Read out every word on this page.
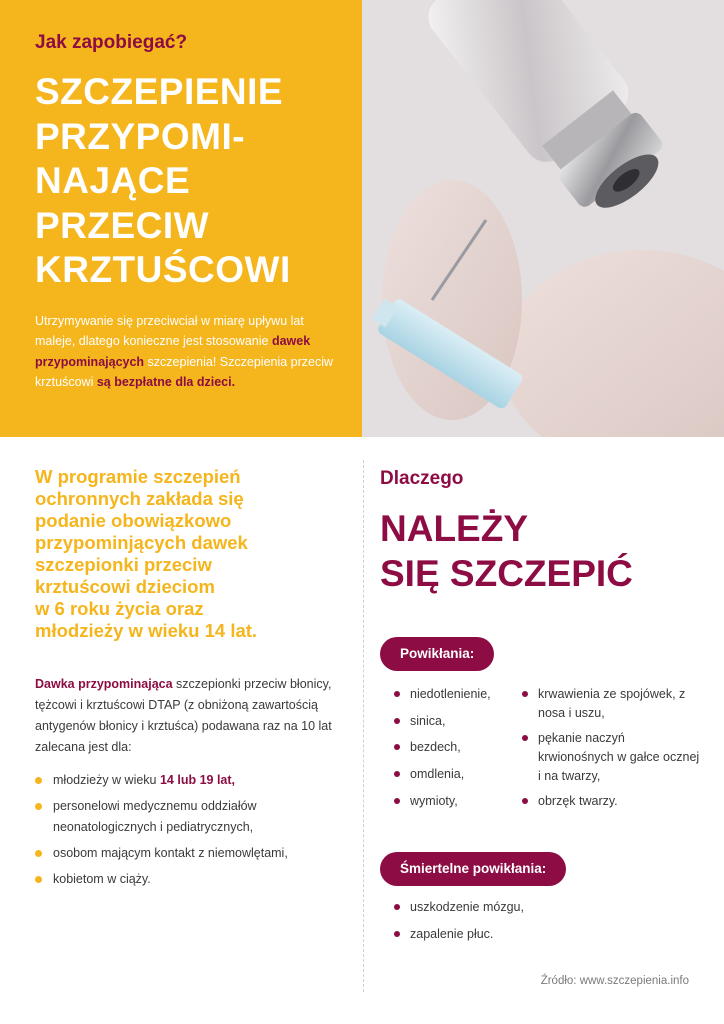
Jak zapobiegać?
SZCZEPIENIE
PRZYPOMI-
NAJĄCE
PRZECIW
KRZTUŚCOWI

Utrzymywanie się przeciwciał w miarę upływu lat maleje, dlatego konieczne jest stosowanie dawek przypominających szczepienia! Szczepienia przeciw krztuścowi są bezpłatne dla dzieci.

W programie szczepień
ochronnych zakłada się
podanie obowiązkowo
przypominjących dawek
szczepionki przeciw
krztuścowi dzieciom
w 6 roku życia oraz
młodzieży w wieku 14 lat.

Dawka przypominająca szczepionki przeciw błonicy, tężcowi i krztuścowi DTAP (z obniżoną zawartością antygenów błonicy i krztuśca) podawana raz na 10 lat zalecana jest dla:

młodzieży w wieku 14 lub 19 lat,
personelowi medycznemu oddziałów neonatologicznych i pediatrycznych,
osobom mającym kontakt z niemowlętami,
kobietom w ciąży.
Dlaczego
NALEŻY
SIĘ SZCZEPIĆ
Powikłania:
niedotlenienie,
sinica,
bezdech,
omdlenia,
wymioty,
krwawienia ze spojówek, z nosa i uszu,
pękanie naczyń krwionośnych w gałce ocznej i na twarzy,
obrzęk twarzy.
Śmiertelne powikłania:
uszkodzenie mózgu,
zapalenie płuc.
Źródło: www.szczepienia.info
